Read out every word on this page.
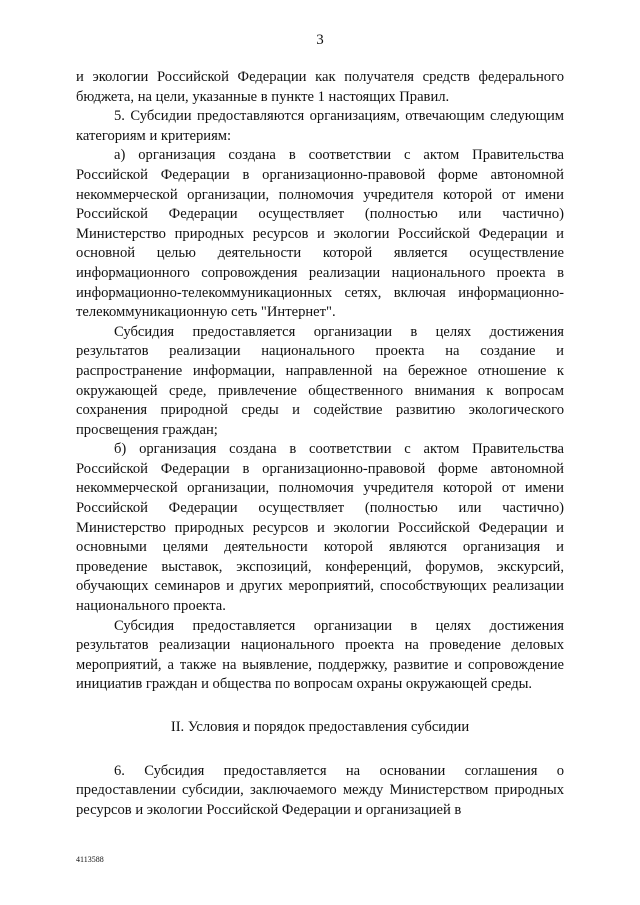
3

и экологии Российской Федерации как получателя средств федерального бюджета, на цели, указанные в пункте 1 настоящих Правил.

5. Субсидии предоставляются организациям, отвечающим следующим категориям и критериям:

а) организация создана в соответствии с актом Правительства Российской Федерации в организационно-правовой форме автономной некоммерческой организации, полномочия учредителя которой от имени Российской Федерации осуществляет (полностью или частично) Министерство природных ресурсов и экологии Российской Федерации и основной целью деятельности которой является осуществление информационного сопровождения реализации национального проекта в информационно-телекоммуникационных сетях, включая информационно-телекоммуникационную сеть "Интернет".

Субсидия предоставляется организации в целях достижения результатов реализации национального проекта на создание и распространение информации, направленной на бережное отношение к окружающей среде, привлечение общественного внимания к вопросам сохранения природной среды и содействие развитию экологического просвещения граждан;

б) организация создана в соответствии с актом Правительства Российской Федерации в организационно-правовой форме автономной некоммерческой организации, полномочия учредителя которой от имени Российской Федерации осуществляет (полностью или частично) Министерство природных ресурсов и экологии Российской Федерации и основными целями деятельности которой являются организация и проведение выставок, экспозиций, конференций, форумов, экскурсий, обучающих семинаров и других мероприятий, способствующих реализации национального проекта.

Субсидия предоставляется организации в целях достижения результатов реализации национального проекта на проведение деловых мероприятий, а также на выявление, поддержку, развитие и сопровождение инициатив граждан и общества по вопросам охраны окружающей среды.

II. Условия и порядок предоставления субсидии

6. Субсидия предоставляется на основании соглашения о предоставлении субсидии, заключаемого между Министерством природных ресурсов и экологии Российской Федерации и организацией в

4113588
